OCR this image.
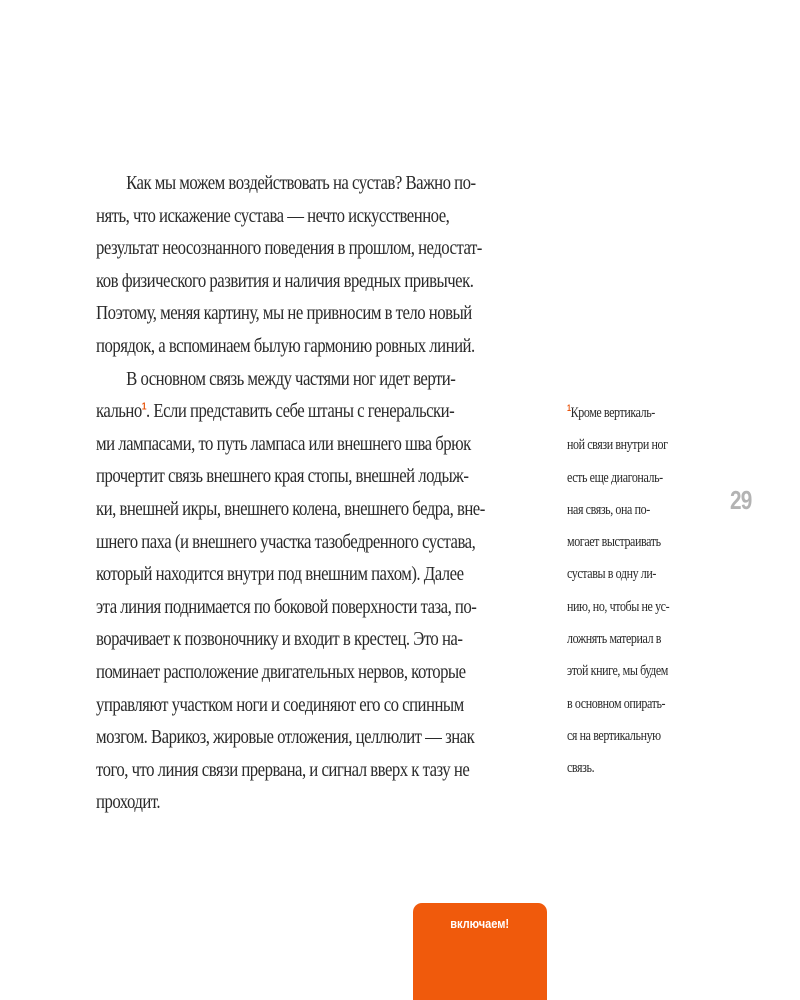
Как мы можем воздействовать на сустав? Важно по-
нять, что искажение сустава — нечто искусственное,
результат неосознанного поведения в прошлом, недостат-
ков физического развития и наличия вредных привычек.
Поэтому, меняя картину, мы не привносим в тело новый
порядок, а вспоминаем былую гармонию ровных линий.
В основном связь между частями ног идет верти-
кально$^1$. Если представить себе штаны с генеральски-
ми лампасами, то путь лампаса или внешнего шва брюк
прочертит связь внешнего края стопы, внешней лодыж-
ки, внешней икры, внешнего колена, внешнего бедра, вне-
шнего паха (и внешнего участка тазобедренного сустава,
который находится внутри под внешним пахом). Далее
эта линия поднимается по боковой поверхности таза, по-
ворачивает к позвоночнику и входит в крестец. Это на-
поминает расположение двигательных нервов, которые
управляют участком ноги и соединяют его со спинным
мозгом. Варикоз, жировые отложения, целлюлит — знак
того, что линия связи прервана, и сигнал вверх к тазу не
проходит.
$^1$Кроме вертикаль-
ной связи внутри ног
есть еще диагональ-
ная связь, она по-
могает выстраивать
суставы в одну ли-
нию, но, чтобы не ус-
ложнять материал в
этой книге, мы будем
в основном опирать-
ся на вертикальную
связь.
29
включаем!
